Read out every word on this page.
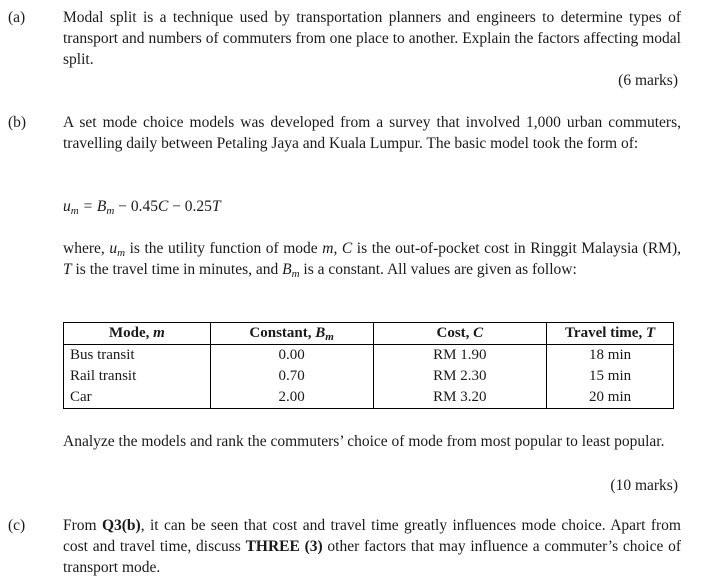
(a) Modal split is a technique used by transportation planners and engineers to determine types of transport and numbers of commuters from one place to another. Explain the factors affecting modal split.
(6 marks)
(b) A set mode choice models was developed from a survey that involved 1,000 urban commuters, travelling daily between Petaling Jaya and Kuala Lumpur. The basic model took the form of:
$u_m = B_m - 0.45C - 0.25T$
where, $u_m$ is the utility function of mode m, C is the out-of-pocket cost in Ringgit Malaysia (RM), T is the travel time in minutes, and $B_m$ is a constant. All values are given as follow:
Mode, m	Constant, $B_m$	Cost, C	Travel time, T
Bus transit	0.00	RM 1.90	18 min
Rail transit	0.70	RM 2.30	15 min
Car	2.00	RM 3.20	20 min
Analyze the models and rank the commuters’ choice of mode from most popular to least popular.
(10 marks)
(c) From Q3(b), it can be seen that cost and travel time greatly influences mode choice. Apart from cost and travel time, discuss THREE (3) other factors that may influence a commuter’s choice of transport mode.
